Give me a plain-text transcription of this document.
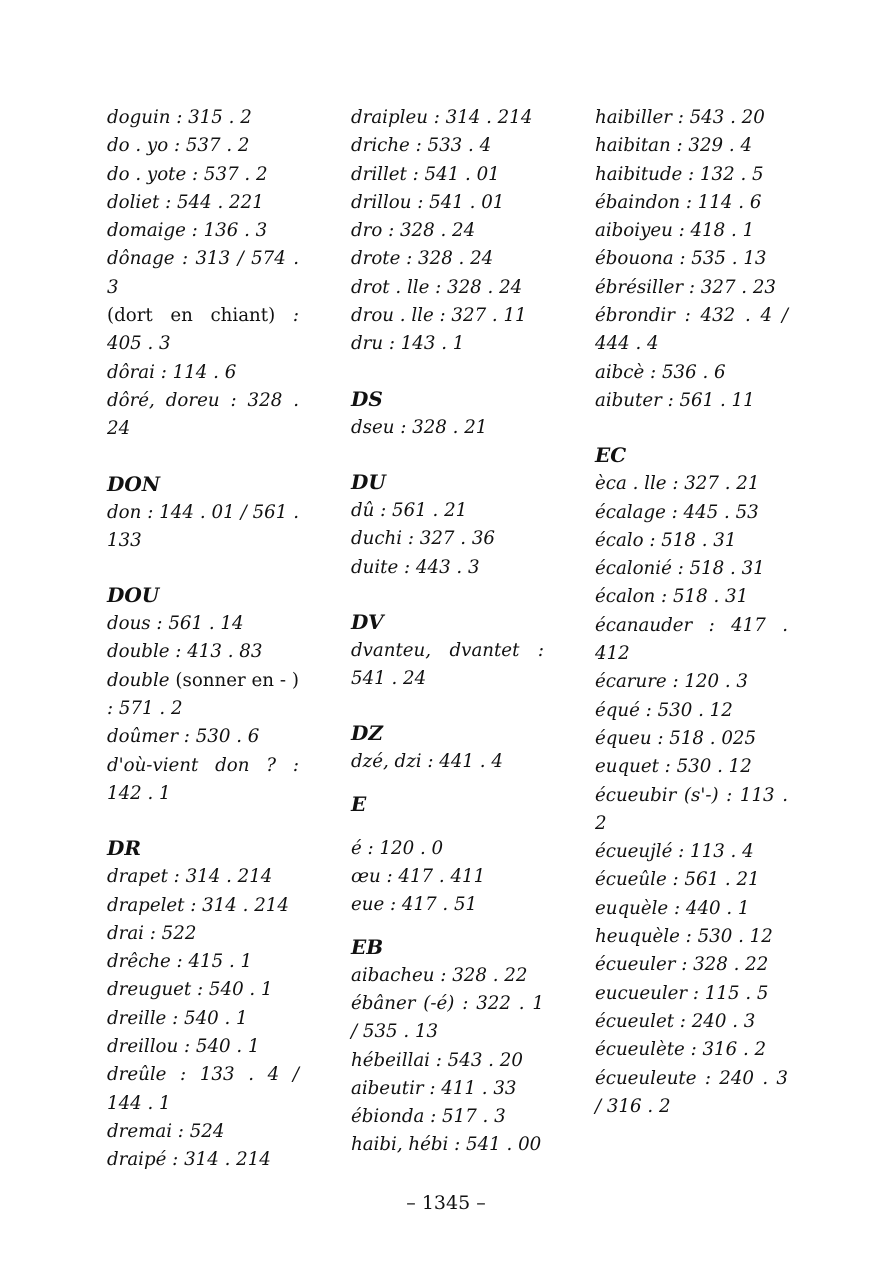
doguin : 315 . 2
do . yo : 537 . 2
do . yote : 537 . 2
doliet : 544 . 221
domaige : 136 . 3
dônage : 313 / 574 . 3
(dort en chiant) : 405 . 3
dôrai : 114 . 6
dôré, doreu : 328 . 24
DON
don : 144 . 01 / 561 . 133
DOU
dous : 561 . 14
double : 413 . 83
double (sonner en - ) : 571 . 2
doûmer : 530 . 6
d'où-vient don ? : 142 . 1
DR
drapet : 314 . 214
drapelet : 314 . 214
drai : 522
drêche : 415 . 1
dreuguet : 540 . 1
dreille : 540 . 1
dreillou : 540 . 1
dreûle : 133 . 4 / 144 . 1
dremai : 524
draipé : 314 . 214
draipleu : 314 . 214
driche : 533 . 4
drillet : 541 . 01
drillou : 541 . 01
dro : 328 . 24
drote : 328 . 24
drot . lle : 328 . 24
drou . lle : 327 . 11
dru : 143 . 1
DS
dseu : 328 . 21
DU
dû : 561 . 21
duchi : 327 . 36
duite : 443 . 3
DV
dvanteu, dvantet : 541 . 24
DZ
dzé, dzi : 441 . 4
E
é : 120 . 0
œu : 417 . 411
eue : 417 . 51
EB
aibacheu : 328 . 22
ébâner (-é) : 322 . 1 / 535 . 13
hébeillai : 543 . 20
aibeutir : 411 . 33
ébionda : 517 . 3
haibi, hébi : 541 . 00
haibiller : 543 . 20
haibitan : 329 . 4
haibitude : 132 . 5
ébaindon : 114 . 6
aiboiyeu : 418 . 1
ébouona : 535 . 13
ébrésiller : 327 . 23
ébrondir : 432 . 4 / 444 . 4
aibcè : 536 . 6
aibuter : 561 . 11
EC
èca . lle : 327 . 21
écalage : 445 . 53
écalo : 518 . 31
écalonié : 518 . 31
écalon : 518 . 31
écanauder : 417 . 412
écarure : 120 . 3
équé : 530 . 12
équeu : 518 . 025
euquet : 530 . 12
écueubir (s'-) : 113 . 2
écueujlé : 113 . 4
écueûle : 561 . 21
euquèle : 440 . 1
heuquèle : 530 . 12
écueuler : 328 . 22
eucueuler : 115 . 5
écueulet : 240 . 3
écueulète : 316 . 2
écueuleute : 240 . 3 / 316 . 2
– 1345 –
